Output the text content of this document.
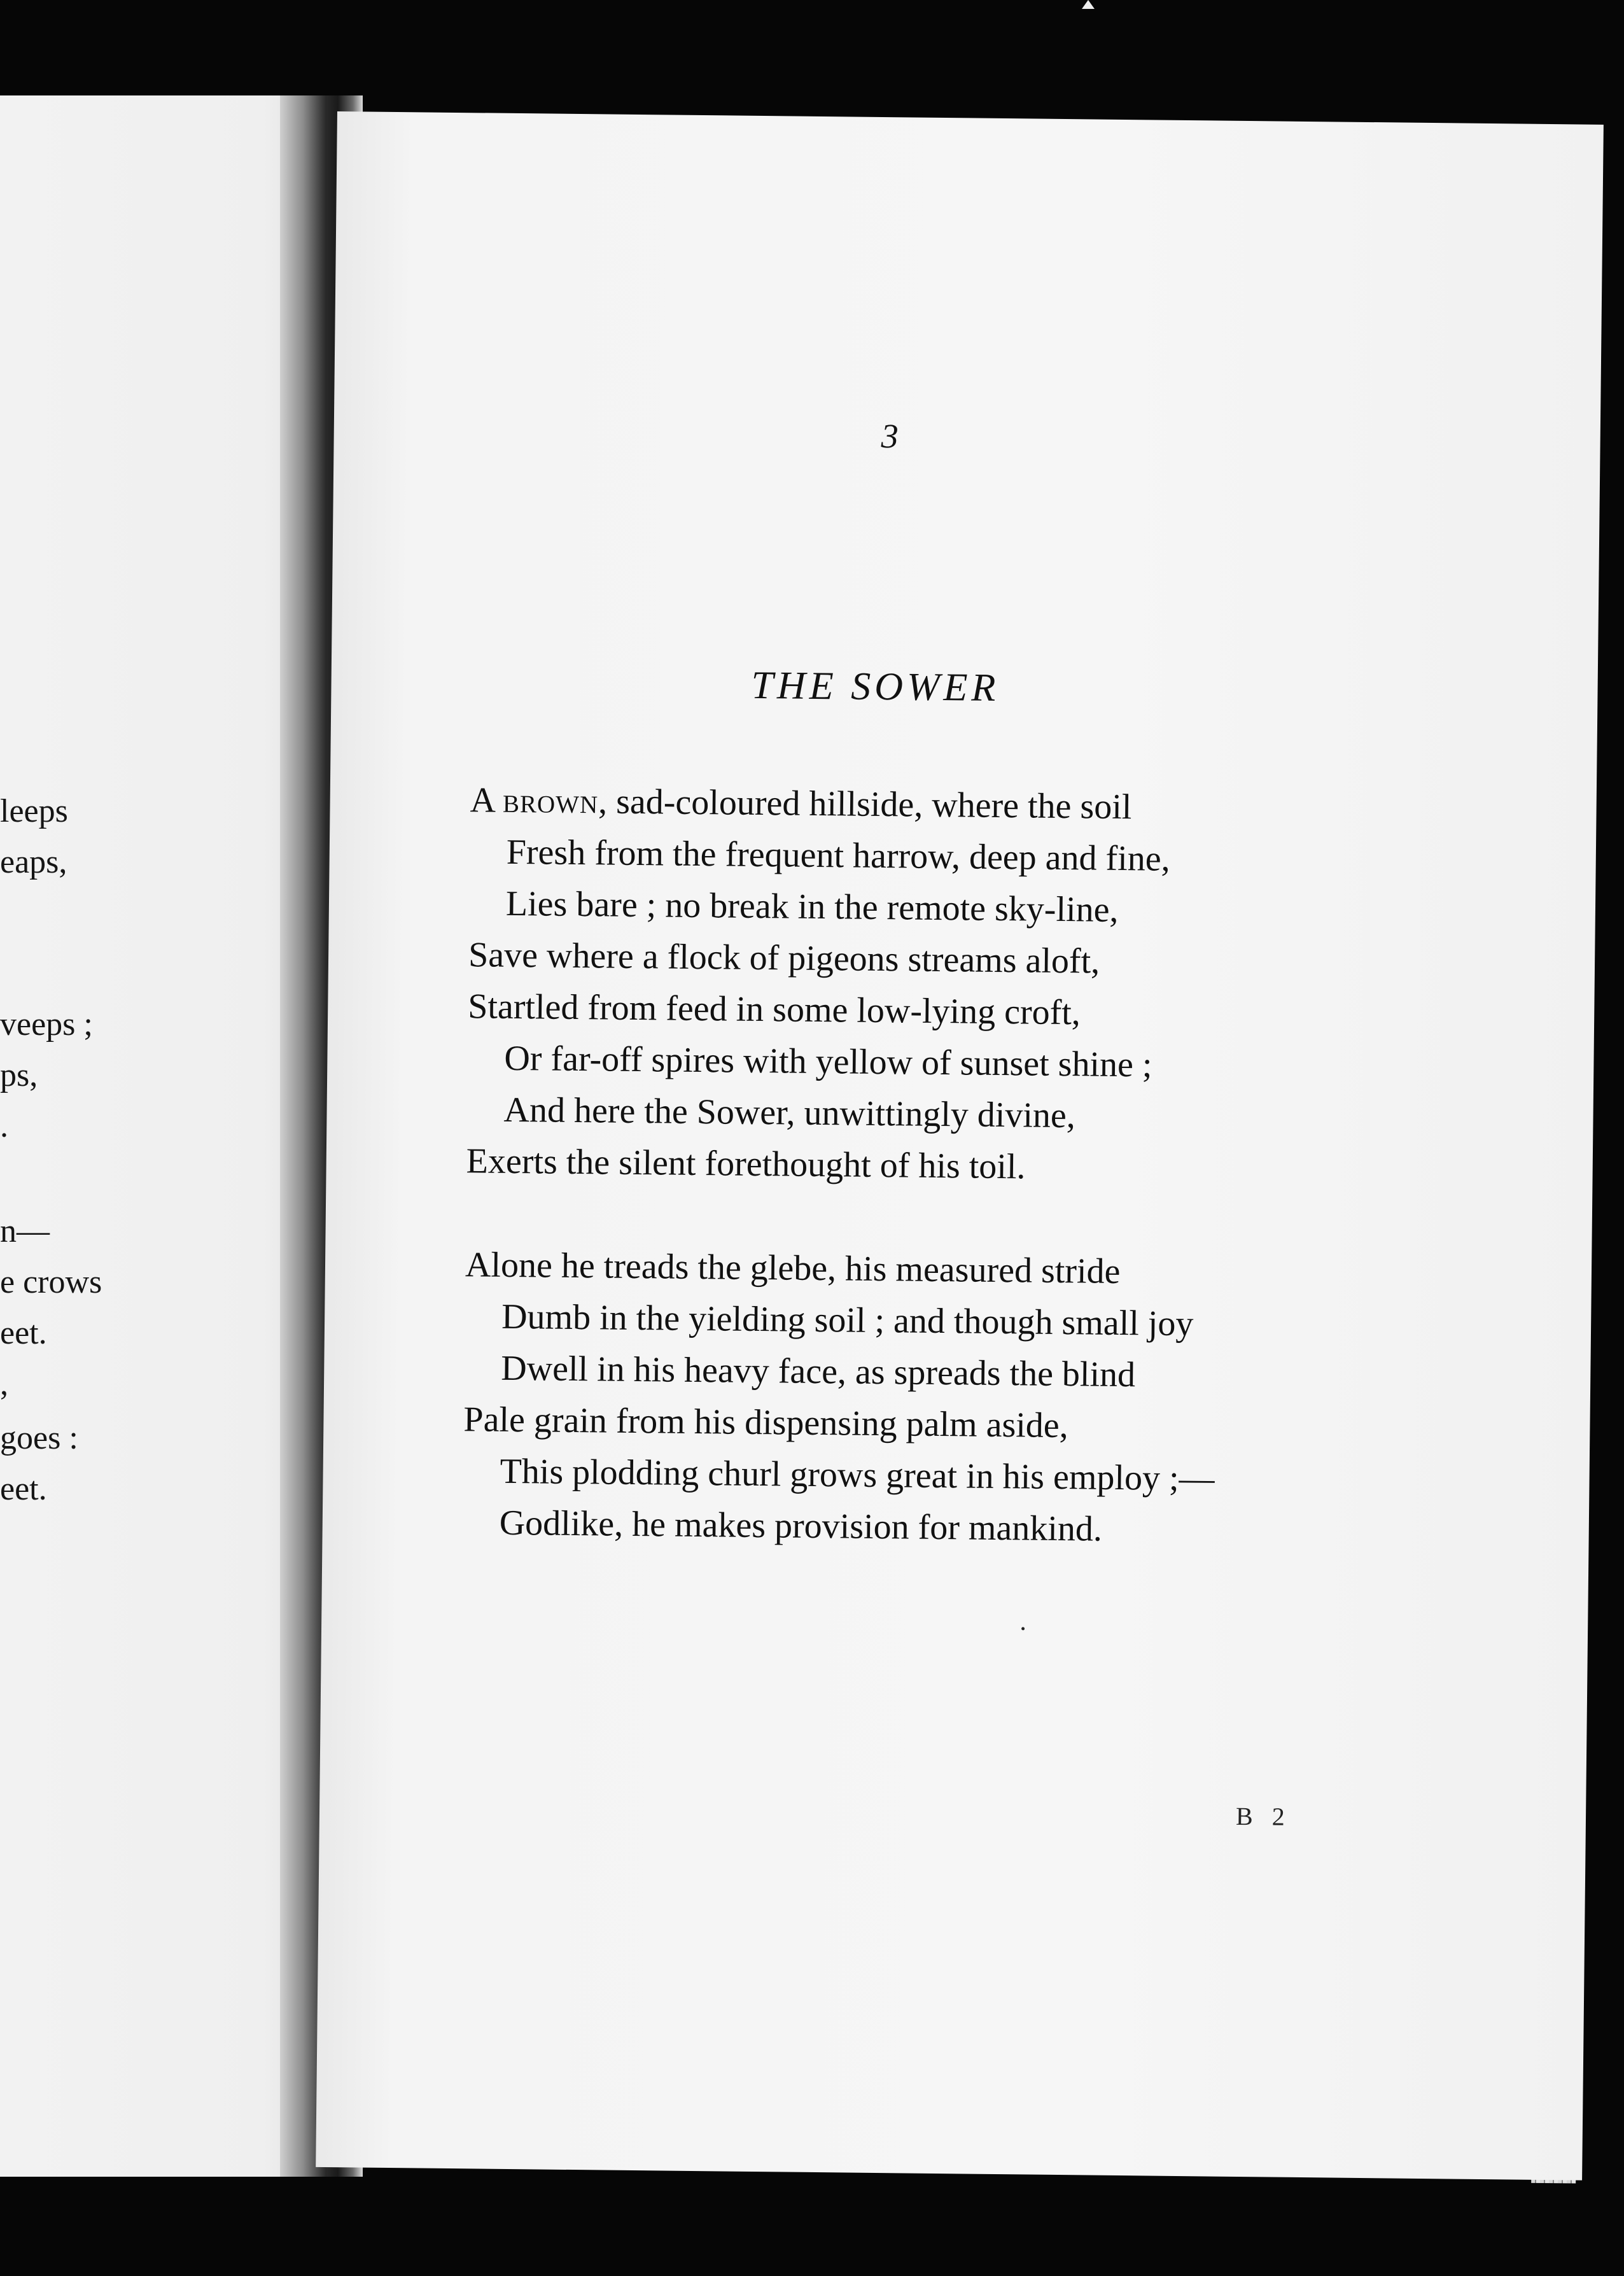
leeps
eaps,
veeps ;
ps,
.
n—
e crows
eet.
,
goes :
eet.
3
THE SOWER
A brown, sad-coloured hillside, where the soil
Fresh from the frequent harrow, deep and fine,
Lies bare ; no break in the remote sky-line,
Save where a flock of pigeons streams aloft,
Startled from feed in some low-lying croft,
Or far-off spires with yellow of sunset shine ;
And here the Sower, unwittingly divine,
Exerts the silent forethought of his toil.
Alone he treads the glebe, his measured stride
Dumb in the yielding soil ; and though small joy
Dwell in his heavy face, as spreads the blind
Pale grain from his dispensing palm aside,
This plodding churl grows great in his employ ;—
Godlike, he makes provision for mankind.
B 2
